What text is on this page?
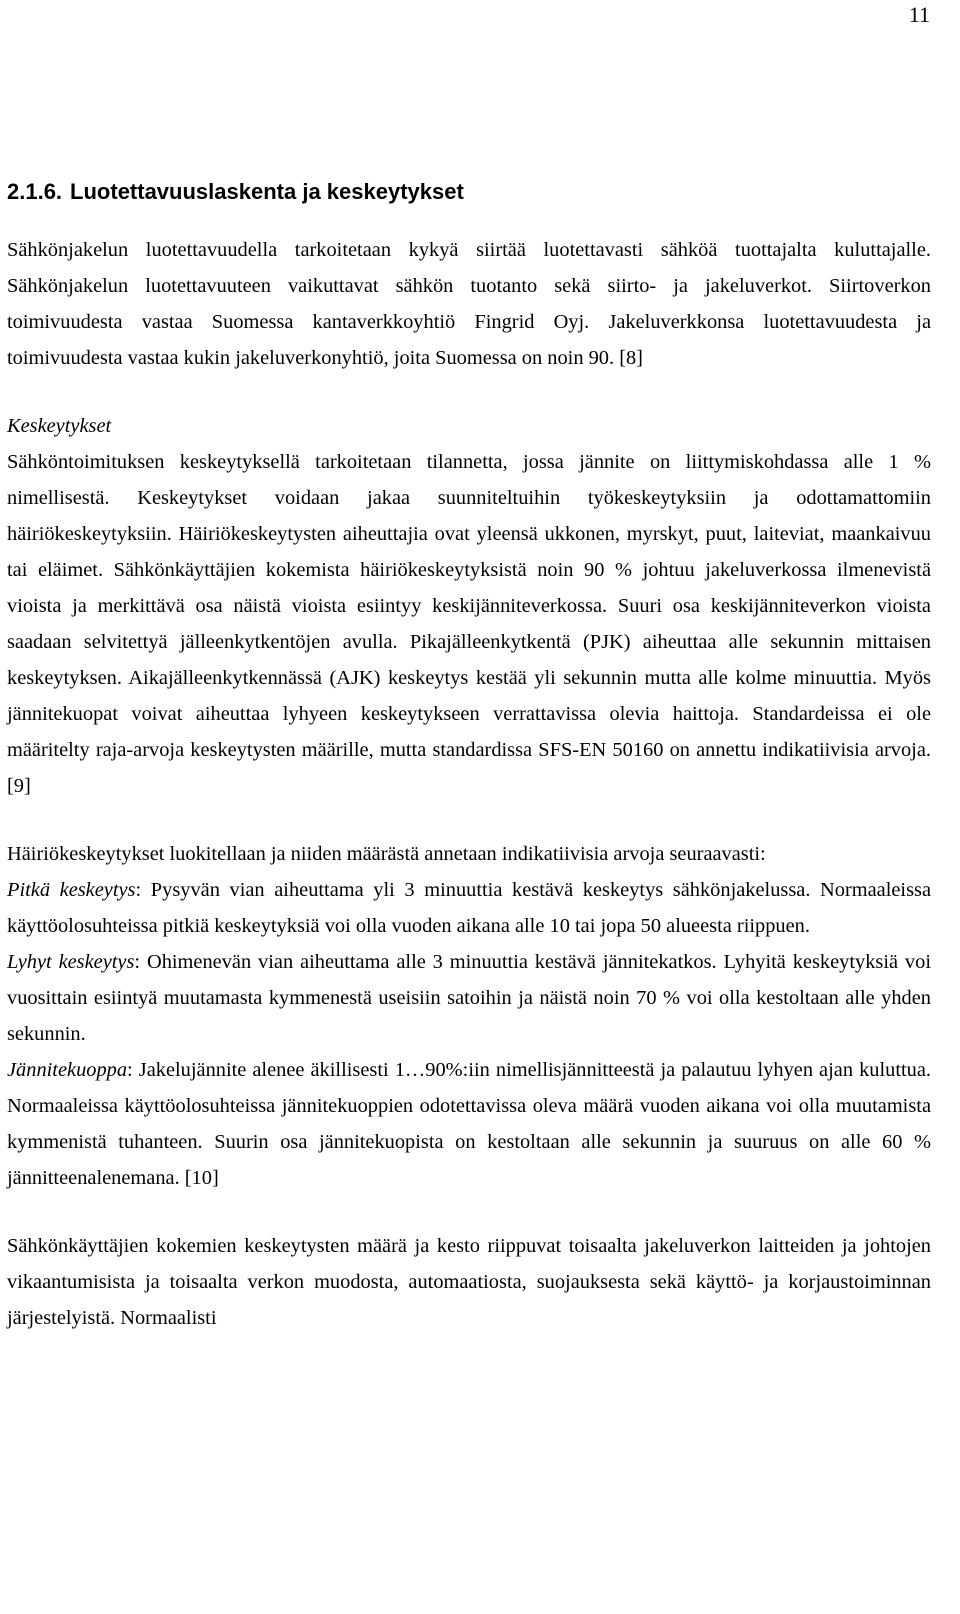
11
2.1.6. Luotettavuuslaskenta ja keskeytykset

Sähkönjakelun luotettavuudella tarkoitetaan kykyä siirtää luotettavasti sähköä tuottajalta kuluttajalle. Sähkönjakelun luotettavuuteen vaikuttavat sähkön tuotanto sekä siirto- ja jakeluverkot. Siirtoverkon toimivuudesta vastaa Suomessa kantaverkkoyhtiö Fingrid Oyj. Jakeluverkkonsa luotettavuudesta ja toimivuudesta vastaa kukin jakeluverkonyhtiö, joita Suomessa on noin 90. [8]

Keskeytykset

Sähköntoimituksen keskeytyksellä tarkoitetaan tilannetta, jossa jännite on liittymiskohdassa alle 1 % nimellisestä. Keskeytykset voidaan jakaa suunniteltuihin työkeskeytyksiin ja odottamattomiin häiriökeskeytyksiin. Häiriökeskeytysten aiheuttajia ovat yleensä ukkonen, myrskyt, puut, laiteviat, maankaivuu tai eläimet. Sähkönkäyttäjien kokemista häiriökeskeytyksistä noin 90 % johtuu jakeluverkossa ilmenevistä vioista ja merkittävä osa näistä vioista esiintyy keskijänniteverkossa. Suuri osa keskijänniteverkon vioista saadaan selvitettyä jälleenkytkentöjen avulla. Pikajälleenkytkentä (PJK) aiheuttaa alle sekunnin mittaisen keskeytyksen. Aikajälleenkytkennässä (AJK) keskeytys kestää yli sekunnin mutta alle kolme minuuttia. Myös jännitekuopat voivat aiheuttaa lyhyeen keskeytykseen verrattavissa olevia haittoja. Standardeissa ei ole määritelty raja-arvoja keskeytysten määrille, mutta standardissa SFS-EN 50160 on annettu indikatiivisia arvoja. [9]

Häiriökeskeytykset luokitellaan ja niiden määrästä annetaan indikatiivisia arvoja seuraavasti:

Pitkä keskeytys: Pysyvän vian aiheuttama yli 3 minuuttia kestävä keskeytys sähkönjakelussa. Normaaleissa käyttöolosuhteissa pitkiä keskeytyksiä voi olla vuoden aikana alle 10 tai jopa 50 alueesta riippuen.

Lyhyt keskeytys: Ohimenevän vian aiheuttama alle 3 minuuttia kestävä jännitekatkos. Lyhyitä keskeytyksiä voi vuosittain esiintyä muutamasta kymmenestä useisiin satoihin ja näistä noin 70 % voi olla kestoltaan alle yhden sekunnin.

Jännitekuoppa: Jakelujännite alenee äkillisesti 1…90%:iin nimellisjännitteestä ja palautuu lyhyen ajan kuluttua. Normaaleissa käyttöolosuhteissa jännitekuoppien odotettavissa oleva määrä vuoden aikana voi olla muutamista kymmenistä tuhanteen. Suurin osa jännitekuopista on kestoltaan alle sekunnin ja suuruus on alle 60 % jännitteenalenemana. [10]

Sähkönkäyttäjien kokemien keskeytysten määrä ja kesto riippuvat toisaalta jakeluverkon laitteiden ja johtojen vikaantumisista ja toisaalta verkon muodosta, automaatiosta, suojauksesta sekä käyttö- ja korjaustoiminnan järjestelyistä. Normaalisti
